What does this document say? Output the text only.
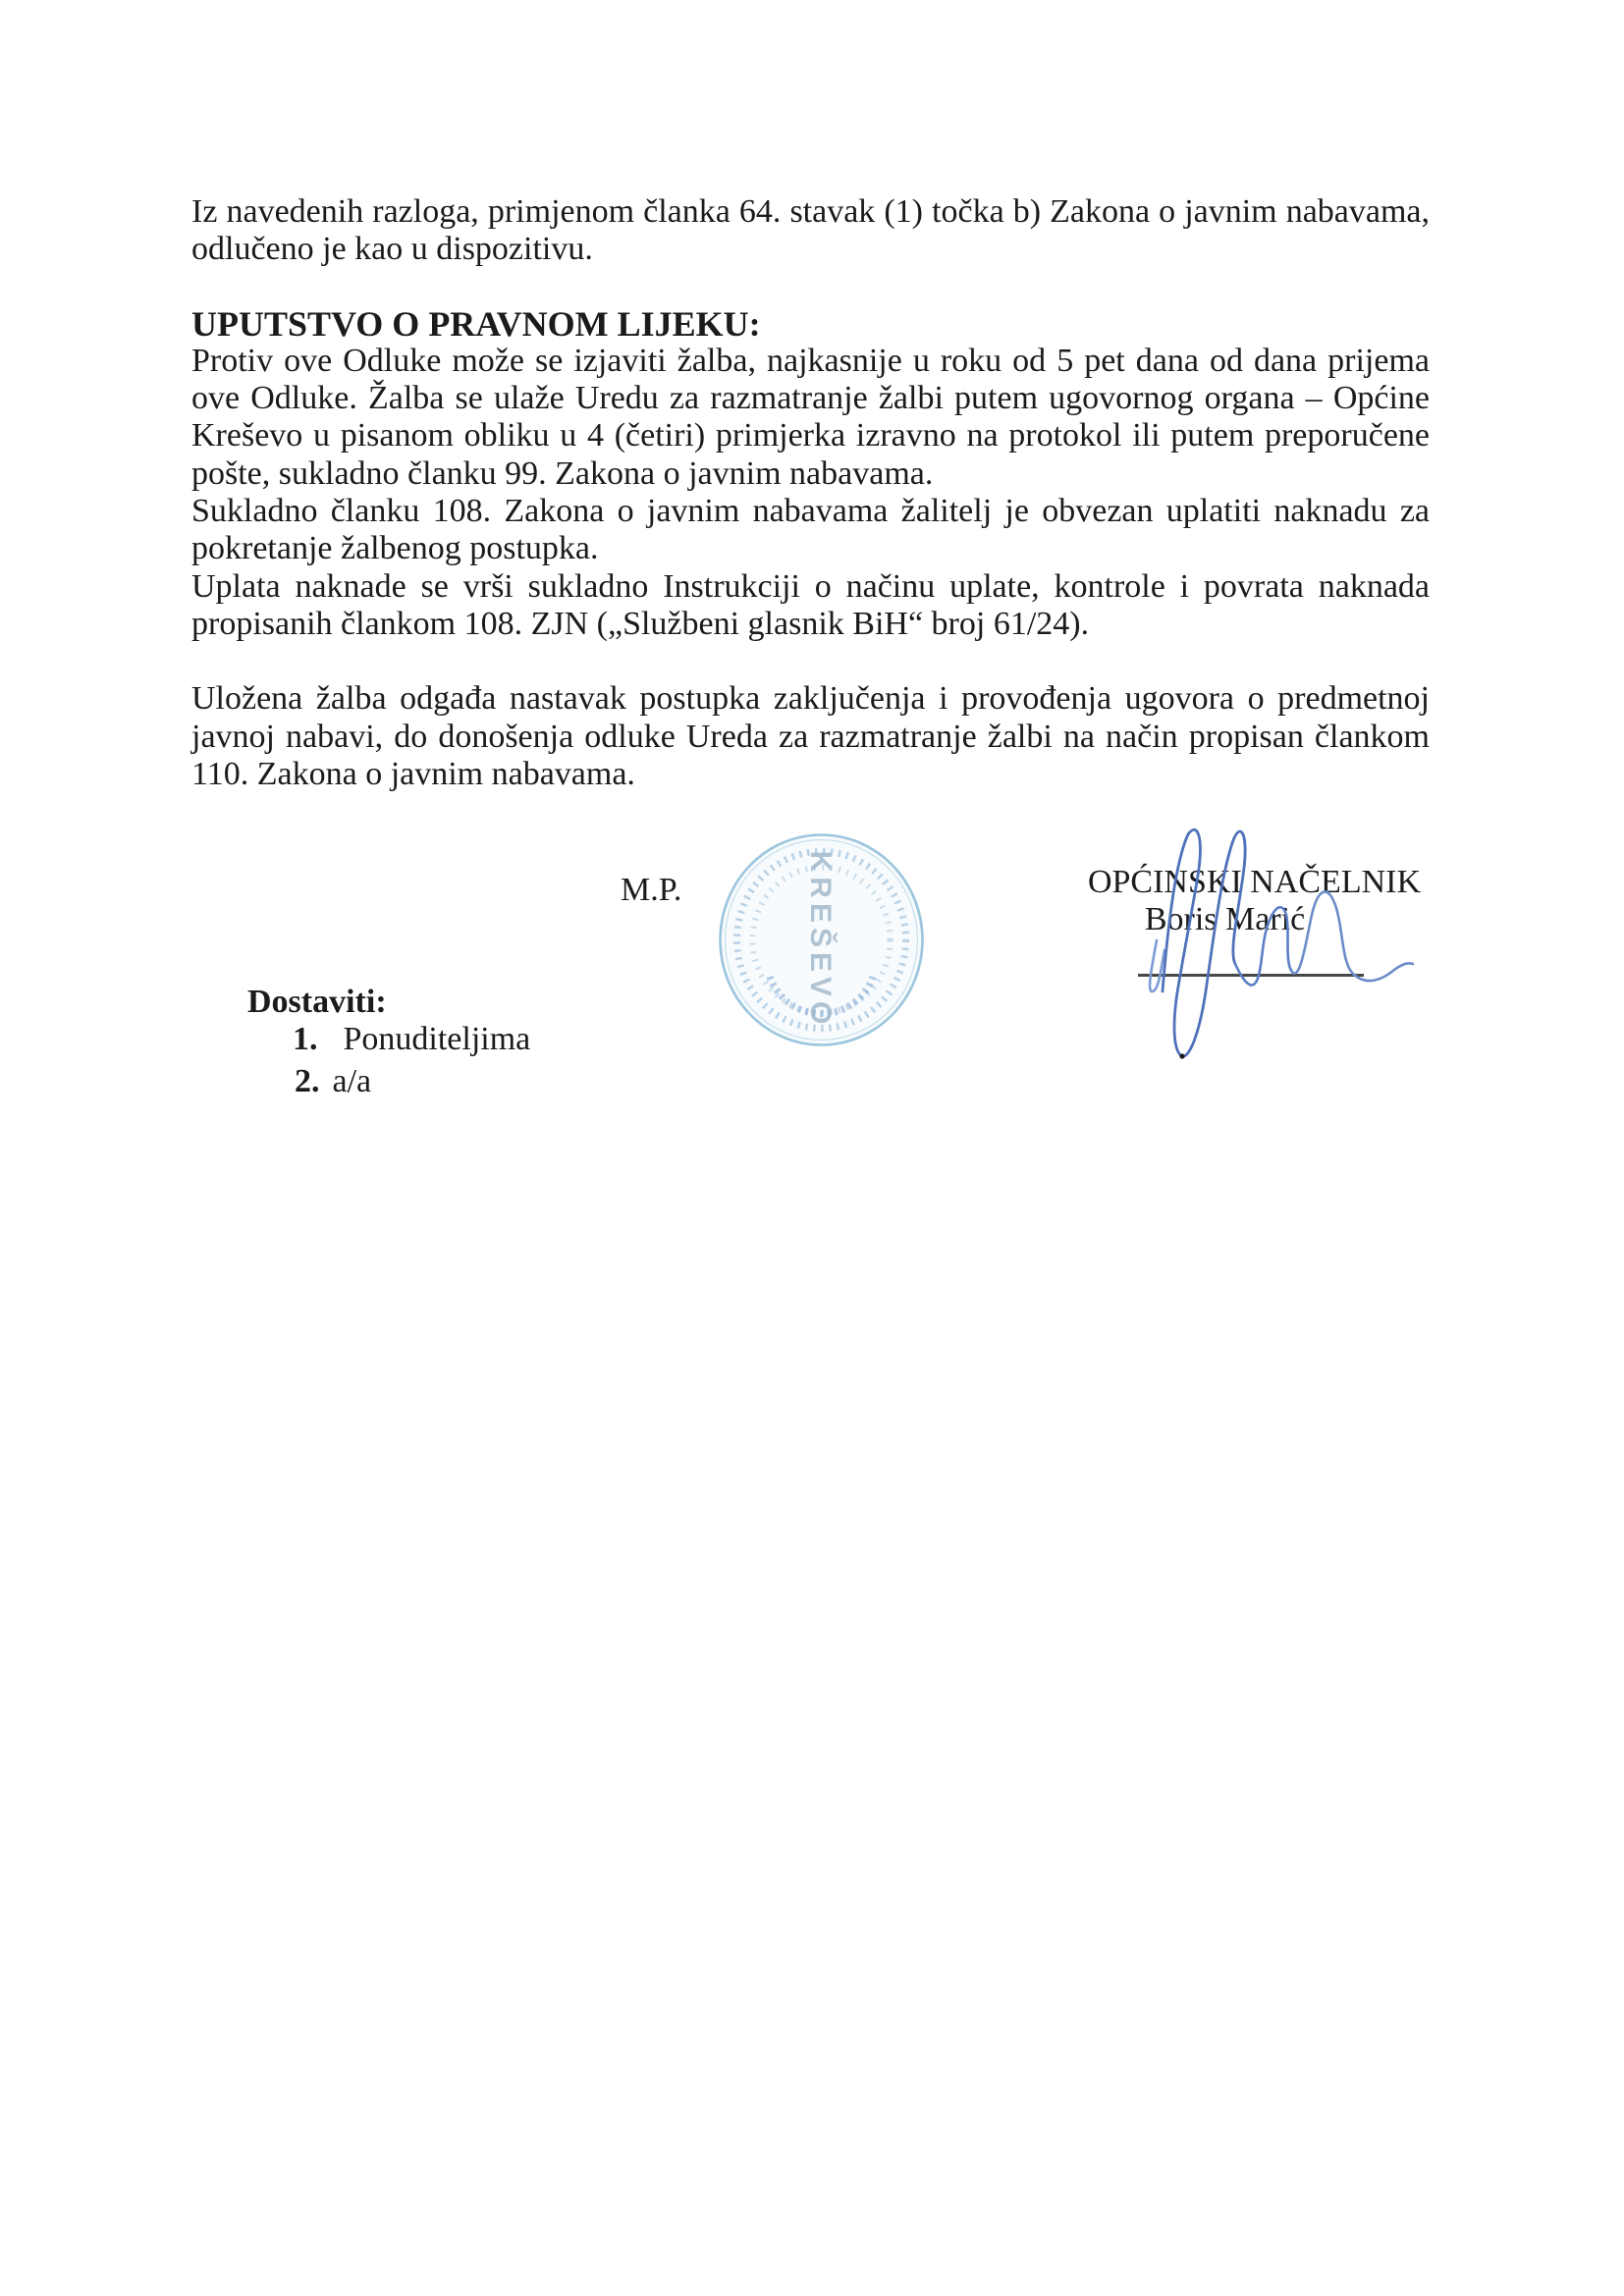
Iz navedenih razloga, primjenom članka 64. stavak (1) točka b) Zakona o javnim nabavama, odlučeno je kao u dispozitivu.

UPUTSTVO O PRAVNOM LIJEKU:

Protiv ove Odluke može se izjaviti žalba, najkasnije u roku od 5 pet dana od dana prijema ove Odluke. Žalba se ulaže Uredu za razmatranje žalbi putem ugovornog organa – Općine Kreševo u pisanom obliku u 4 (četiri) primjerka izravno na protokol ili putem preporučene pošte, sukladno članku 99. Zakona o javnim nabavama.

Sukladno članku 108. Zakona o javnim nabavama žalitelj je obvezan uplatiti naknadu za pokretanje žalbenog postupka.

Uplata naknade se vrši sukladno Instrukciji o načinu uplate, kontrole i povrata naknada propisanih člankom 108. ZJN („Službeni glasnik BiH“ broj 61/24).

Uložena žalba odgađa nastavak postupka zaključenja i provođenja ugovora o predmetnoj javnoj nabavi, do donošenja odluke Ureda za razmatranje žalbi na način propisan člankom 110. Zakona o javnim nabavama.

M.P.	KREŠEVO	OPĆINSKI NAČELNIK
Boris Marić
Dostaviti:
1. Ponuditeljima
2. a/a
